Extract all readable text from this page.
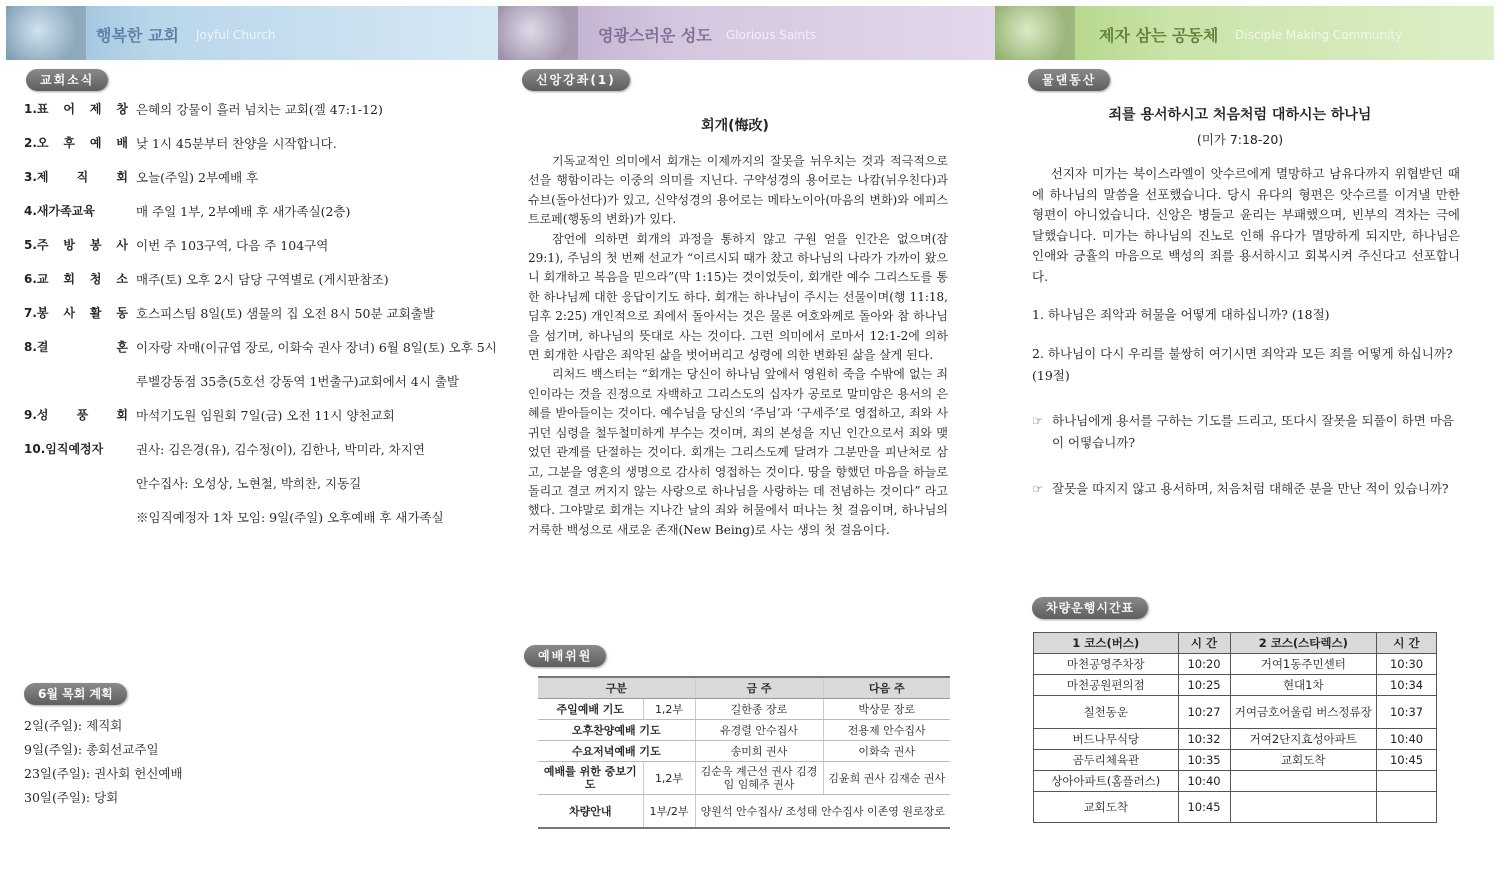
행복한 교회 Joyful Church	영광스러운 성도 Glorious Saints	제자 삼는 공동체 Disciple Making Community
교회소식
1.표 어 제 창 은혜의 강물이 흘러 넘치는 교회(겔 47:1-12)
2.오 후 예 배 낮 1시 45분부터 찬양을 시작합니다.
3.제 직 회 오늘(주일) 2부예배 후
4.새가족교육	매 주일 1부, 2부예배 후 새가족실(2층)
5.주 방 봉 사 이번 주 103구역, 다음 주 104구역
6.교 회 청 소 매주(토) 오후 2시 담당 구역별로 (게시판참조)
7.봉 사 활 동 호스피스팀 8일(토) 샘물의 집 오전 8시 50분 교회출발
8.결 혼 이자랑 자매(이규엽 장로, 이화숙 권사 장녀) 6월 8일(토) 오후 5시
루벨강동점 35층(5호선 강동역 1번출구)교회에서 4시 출발
9.성 풍 회 마석기도원 임원회 7일(금) 오전 11시 양천교회
10.임직예정자	권사: 김은경(유), 김수정(이), 김한나, 박미라, 차지연
안수집사: 오성상, 노현철, 박희찬, 지동길
※임직예정자 1차 모임: 9일(주일) 오후예배 후 새가족실
6월 목회 계획
2일(주일): 제직회
9일(주일): 총회선교주일
23일(주일): 권사회 헌신예배
30일(주일): 당회
신앙강좌(1)
회개(悔改)

기독교적인 의미에서 회개는 이제까지의 잘못을 뉘우치는 것과 적극적으로 선을 행함이라는 이중의 의미를 지닌다. 구약성경의 용어로는 나캄(뉘우친다)과 슈브(돌아선다)가 있고, 신약성경의 용어로는 메타노이아(마음의 변화)와 에피스트로페(행동의 변화)가 있다.

잠언에 의하면 회개의 과정을 통하지 않고 구원 얻을 인간은 없으며(잠 29:1), 주님의 첫 번째 선교가 “이르시되 때가 찼고 하나님의 나라가 가까이 왔으니 회개하고 복음을 믿으라”(막 1:15)는 것이었듯이, 회개란 예수 그리스도를 통한 하나님께 대한 응답이기도 하다. 회개는 하나님이 주시는 선물이며(행 11:18, 딤후 2:25) 개인적으로 죄에서 돌아서는 것은 물론 여호와께로 돌아와 참 하나님을 섬기며, 하나님의 뜻대로 사는 것이다. 그런 의미에서 로마서 12:1-2에 의하면 회개한 사람은 죄악된 삶을 벗어버리고 성령에 의한 변화된 삶을 살게 된다.

리처드 백스터는 “회개는 당신이 하나님 앞에서 영원히 죽을 수밖에 없는 죄인이라는 것을 진정으로 자백하고 그리스도의 십자가 공로로 말미암은 용서의 은혜를 받아들이는 것이다. 예수님을 당신의 ‘주님’과 ‘구세주’로 영접하고, 죄와 사귀던 심령을 철두철미하게 부수는 것이며, 죄의 본성을 지닌 인간으로서 죄와 맺었던 관계를 단절하는 것이다. 회개는 그리스도께 달려가 그분만을 피난처로 삼고, 그분을 영혼의 생명으로 감사히 영접하는 것이다. 땅을 향했던 마음을 하늘로 돌리고 결코 꺼지지 않는 사랑으로 하나님을 사랑하는 데 전념하는 것이다” 라고 했다. 그야말로 회개는 지나간 날의 죄와 허물에서 떠나는 첫 걸음이며, 하나님의 거룩한 백성으로 새로운 존재(New Being)로 사는 생의 첫 걸음이다.

예배위원
구분		금 주	다음 주
주일예배 기도	1,2부	길한종 장로	박상문 장로
오후찬양예배 기도		유경렬 안수집사	전용제 안수집사
수요저녁예배 기도		송미희 권사	이화숙 권사
예배를 위한 중보기도	1,2부	김순옥 계근선 권사 김경임 임혜주 권사	김윤희 권사 김재순 권사
차량안내	1부/2부	양원석 안수집사/ 조성태 안수집사 이존영 원로장로	
물댄동산
죄를 용서하시고 처음처럼 대하시는 하나님
(미가 7:18-20)

선지자 미가는 북이스라엘이 앗수르에게 멸망하고 남유다까지 위협받던 때에 하나님의 말씀을 선포했습니다. 당시 유다의 형편은 앗수르를 이겨낼 만한 형편이 아니었습니다. 신앙은 병들고 윤리는 부패했으며, 빈부의 격차는 극에 달했습니다. 미가는 하나님의 진노로 인해 유다가 멸망하게 되지만, 하나님은 인애와 긍휼의 마음으로 백성의 죄를 용서하시고 회복시켜 주신다고 선포합니다.

1. 하나님은 죄악과 허물을 어떻게 대하십니까? (18절)
2. 하나님이 다시 우리를 불쌍히 여기시면 죄악과 모든 죄를 어떻게 하십니까? (19절)
☞ 하나님에게 용서를 구하는 기도를 드리고, 또다시 잘못을 되풀이 하면 마음이 어떻습니까?
☞ 잘못을 따지지 않고 용서하며, 처음처럼 대해준 분을 만난 적이 있습니까?
차량운행시간표
1 코스(버스)	시 간	2 코스(스타렉스)	시 간
마천공영주차장	10:20	거여1동주민센터	10:30
마천공원편의점	10:25	현대1차	10:34
칠천동운	10:27	거여금호어울림 버스정류장	10:37
버드나무식당	10:32	거여2단지효성아파트	10:40
곰두리체육관	10:35	교회도착	10:45
상아아파트(홈플러스)	10:40		
교회도착	10:45		
